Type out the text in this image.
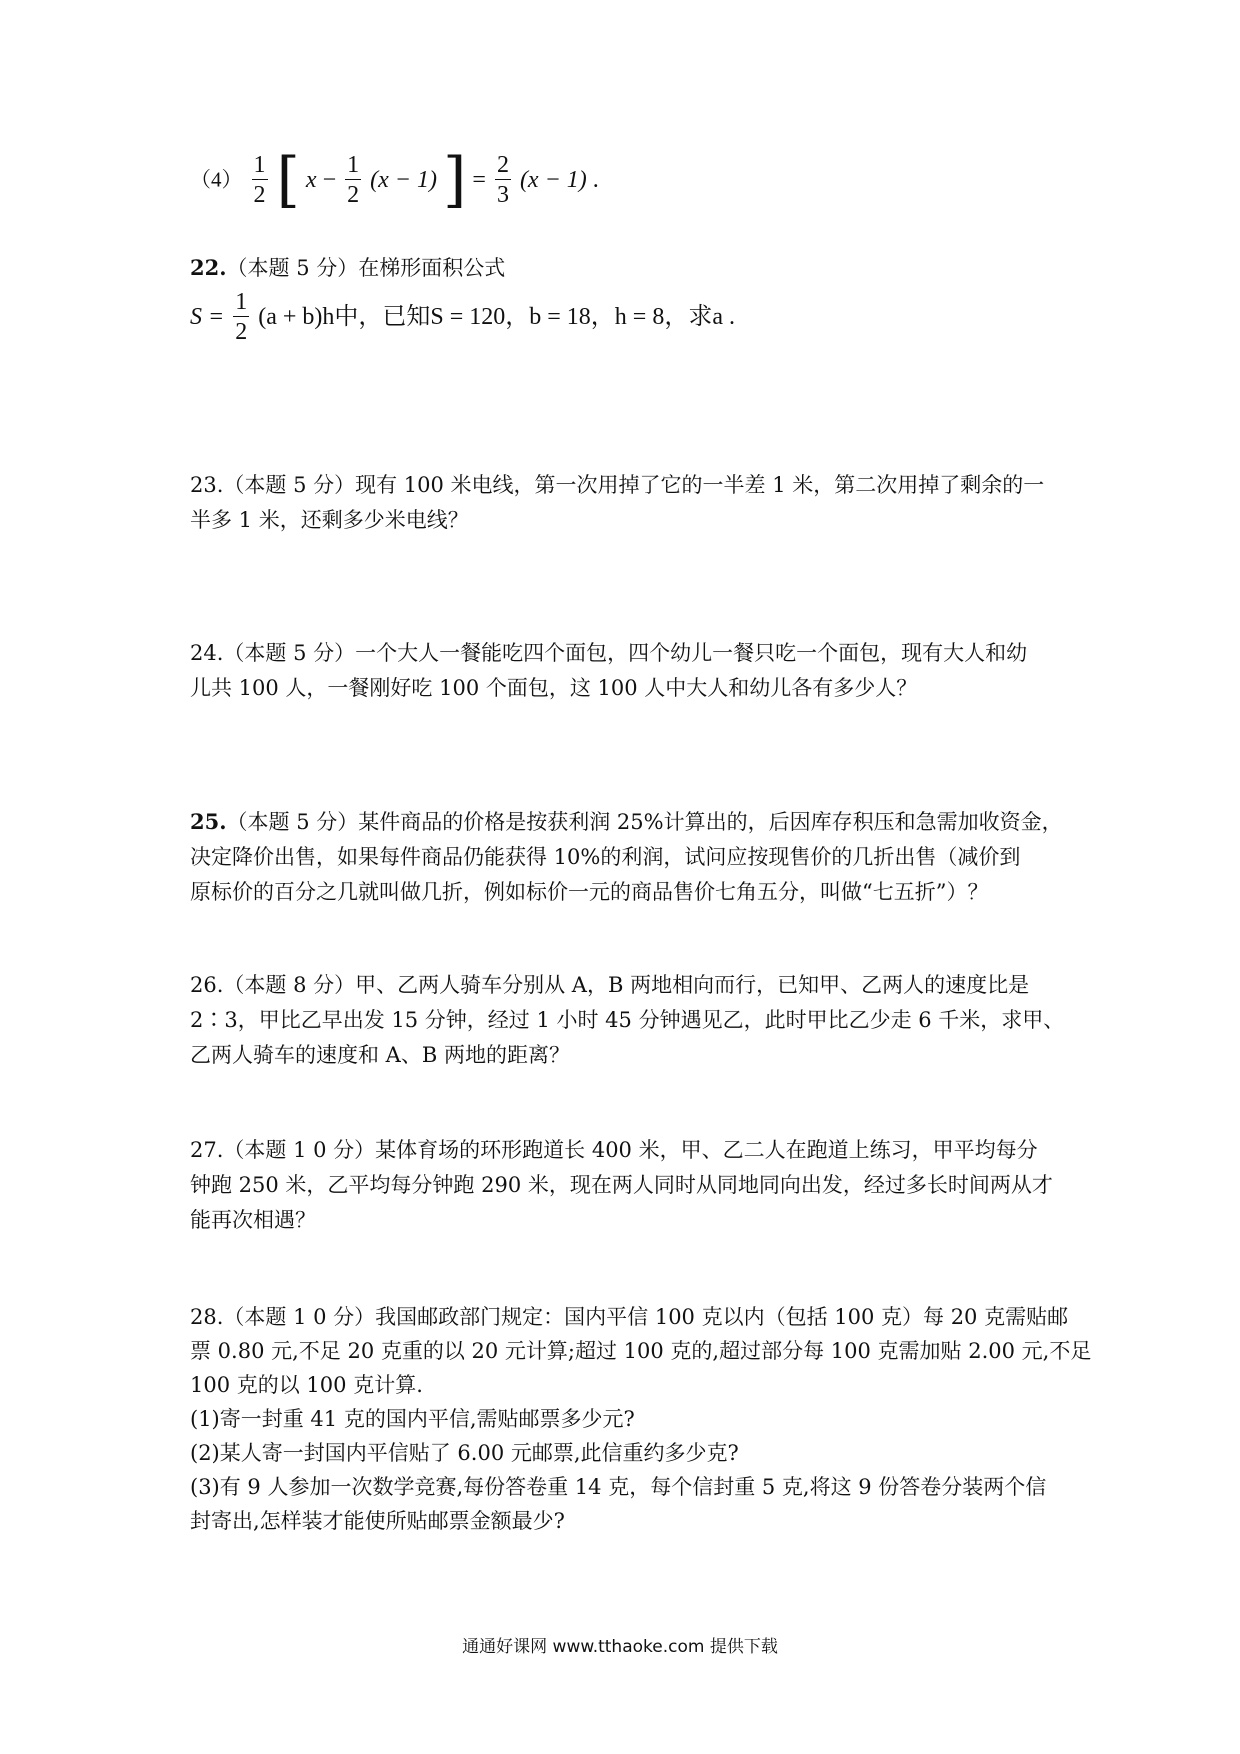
$(4) \frac{1}{2}$ [ $x - \frac{1}{2} (x - 1)$ ] = $\frac{2}{3} (x - 1)$ .
22.（本题 5 分）在梯形面积公式
$S = \frac{1}{2} (a + b)h$中，已知S = 120，b = 18，h = 8，求a .
23.（本题 5 分）现有 100 米电线，第一次用掉了它的一半差 1 米，第二次用掉了剩余的一
半多 1 米，还剩多少米电线？
24.（本题 5 分）一个大人一餐能吃四个面包，四个幼儿一餐只吃一个面包，现有大人和幼
儿共 100 人，一餐刚好吃 100 个面包，这 100 人中大人和幼儿各有多少人？
25.（本题 5 分）某件商品的价格是按获利润 25%计算出的，后因库存积压和急需加收资金，
决定降价出售，如果每件商品仍能获得 10%的利润，试问应按现售价的几折出售（减价到
原标价的百分之几就叫做几折，例如标价一元的商品售价七角五分，叫做“七五折”）？
26.（本题 8 分）甲、乙两人骑车分别从 A，B 两地相向而行，已知甲、乙两人的速度比是
2∶3，甲比乙早出发 15 分钟，经过 1 小时 45 分钟遇见乙，此时甲比乙少走 6 千米，求甲、
乙两人骑车的速度和 A、B 两地的距离？
27.（本题 1 0 分）某体育场的环形跑道长 400 米，甲、乙二人在跑道上练习，甲平均每分
钟跑 250 米，乙平均每分钟跑 290 米，现在两人同时从同地同向出发，经过多长时间两从才
能再次相遇？
28.（本题 1 0 分）我国邮政部门规定：国内平信 100 克以内（包括 100 克）每 20 克需贴邮
票 0.80 元,不足 20 克重的以 20 元计算;超过 100 克的,超过部分每 100 克需加贴 2.00 元,不足
100 克的以 100 克计算.
(1)寄一封重 41 克的国内平信,需贴邮票多少元?
(2)某人寄一封国内平信贴了 6.00 元邮票,此信重约多少克?
(3)有 9 人参加一次数学竞赛,每份答卷重 14 克，每个信封重 5 克,将这 9 份答卷分装两个信
封寄出,怎样装才能使所贴邮票金额最少?
通通好课网 www.tthaoke.com 提供下载
